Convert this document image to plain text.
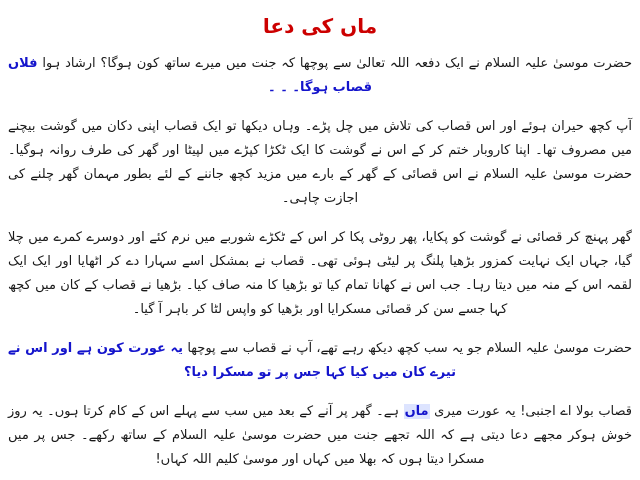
ماں کی دعا

حضرت موسیٰ علیہ السلام نے ایک دفعہ اللہ تعالیٰ سے پوچھا کہ جنت میں میرے ساتھ کون ہوگا؟ ارشاد ہوا فلاں قصاب ہوگا۔ ۔ ۔

آپ کچھ حیران ہوئے اور اس قصاب کی تلاش میں چل پڑے۔ وہاں دیکھا تو ایک قصاب اپنی دکان میں گوشت بیچنے میں مصروف تھا۔ اپنا کاروبار ختم کر کے اس نے گوشت کا ایک ٹکڑا کپڑے میں لپیٹا اور گھر کی طرف روانہ ہوگیا۔ حضرت موسیٰ علیہ السلام نے اس قصائی کے گھر کے بارے میں مزید کچھ جاننے کے لئے بطور مہمان گھر چلنے کی اجازت چاہی۔

گھر پہنچ کر قصائی نے گوشت کو پکایا، پھر روٹی پکا کر اس کے ٹکڑے شوربے میں نرم کئے اور دوسرے کمرے میں چلا گیا، جہاں ایک نہایت کمزور بڑھیا پلنگ پر لیٹی ہوئی تھی۔ قصاب نے بمشکل اسے سہارا دے کر اٹھایا اور ایک ایک لقمہ اس کے منہ میں دیتا رہا۔ جب اس نے کھانا تمام کیا تو بڑھیا کا منہ صاف کیا۔ بڑھیا نے قصاب کے کان میں کچھ کہا جسے سن کر قصائی مسکرایا اور بڑھیا کو واپس لٹا کر باہر آ گیا۔

حضرت موسیٰ علیہ السلام جو یہ سب کچھ دیکھ رہے تھے، آپ نے قصاب سے پوچھا یہ عورت کون ہے اور اس نے تیرے کان میں کیا کہا جس پر تو مسکرا دیا؟

قصاب بولا اے اجنبی! یہ عورت میری ماں ہے۔ گھر پر آنے کے بعد میں سب سے پہلے اس کے کام کرتا ہوں۔ یہ روز خوش ہوکر مجھے دعا دیتی ہے کہ اللہ تجھے جنت میں حضرت موسیٰ علیہ السلام کے ساتھ رکھے۔ جس پر میں مسکرا دیتا ہوں کہ بھلا میں کہاں اور موسیٰ کلیم اللہ کہاں!
